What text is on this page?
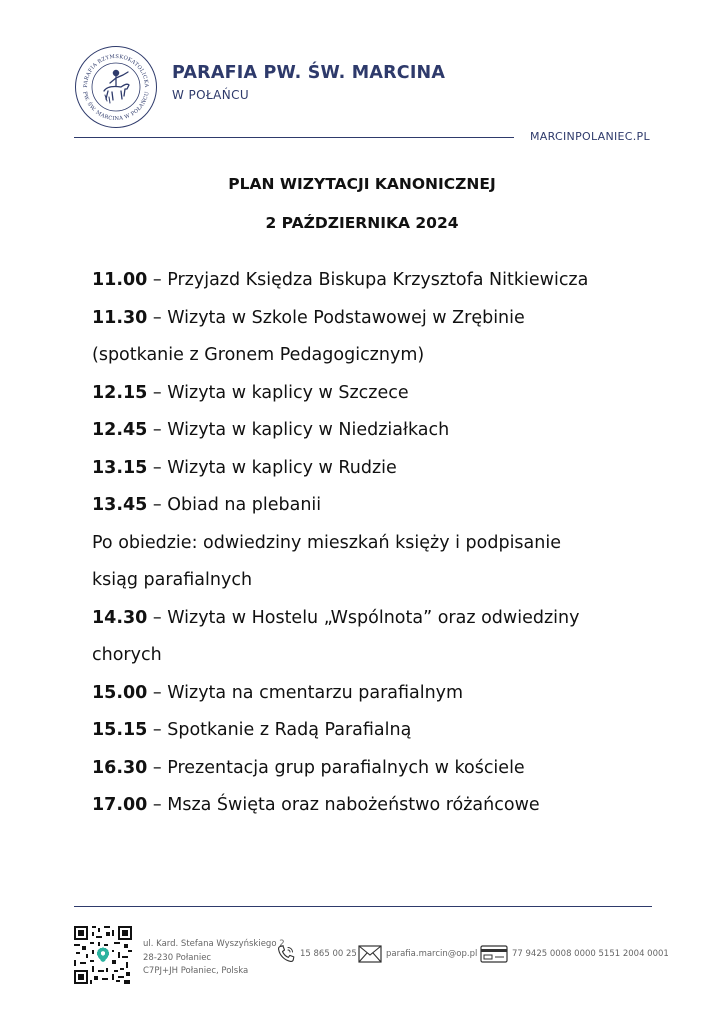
PARAFIA RZYMSKOKATOLICKA
PW. ŚW. MARCINA W POŁAŃCU
PARAFIA PW. ŚW. MARCINA
W POŁAŃCU
MARCINPOLANIEC.PL
PLAN WIZYTACJI KANONICZNEJ
2 PAŹDZIERNIKA 2024
11.00 – Przyjazd Księdza Biskupa Krzysztofa Nitkiewicza
11.30 – Wizyta w Szkole Podstawowej w Zrębinie
(spotkanie z Gronem Pedagogicznym)
12.15 – Wizyta w kaplicy w Szczece
12.45 – Wizyta w kaplicy w Niedziałkach
13.15 – Wizyta w kaplicy w Rudzie
13.45 – Obiad na plebanii
Po obiedzie: odwiedziny mieszkań księży i podpisanie
ksiąg parafialnych
14.30 – Wizyta w Hostelu „Wspólnota” oraz odwiedziny
chorych
15.00 – Wizyta na cmentarzu parafialnym
15.15 – Spotkanie z Radą Parafialną
16.30 – Prezentacja grup parafialnych w kościele
17.00 – Msza Święta oraz nabożeństwo różańcowe
ul. Kard. Stefana Wyszyńskiego 2
28-230 Połaniec
C7PJ+JH Połaniec, Polska
15 865 00 25	parafia.marcin@op.pl	77 9425 0008 0000 5151 2004 0001
